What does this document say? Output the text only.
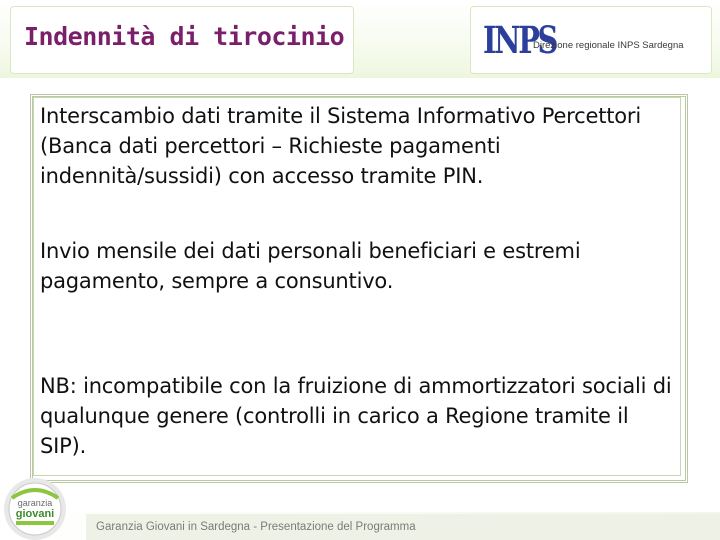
Indennità di tirocinio	INPS
Direzione regionale INPS Sardegna

Interscambio dati tramite il Sistema Informativo Percettori (Banca dati percettori – Richieste pagamenti indennità/sussidi) con accesso tramite PIN.

Invio mensile dei dati personali beneficiari e estremi pagamento, sempre a consuntivo.

NB: incompatibile con la fruizione di ammortizzatori sociali di qualunque genere (controlli in carico a Regione tramite il SIP).

Garanzia Giovani in Sardegna - Presentazione del Programma
garanzia
giovani
